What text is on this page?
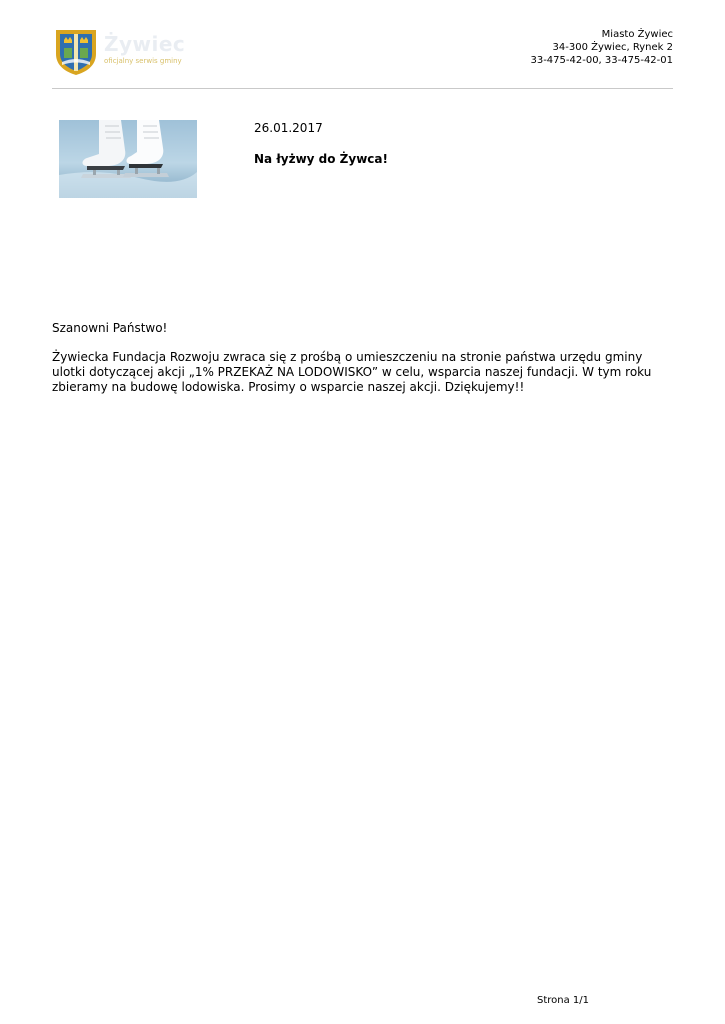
Żywiec
oficjalny serwis gminy
Miasto Żywiec
34-300 Żywiec, Rynek 2
33-475-42-00, 33-475-42-01
26.01.2017
Na łyżwy do Żywca!

Szanowni Państwo!

Żywiecka Fundacja Rozwoju zwraca się z prośbą o umieszczeniu na stronie państwa urzędu gminy ulotki dotyczącej akcji „1% PRZEKAŻ NA LODOWISKO” w celu, wsparcia naszej fundacji. W tym roku zbieramy na budowę lodowiska. Prosimy o wsparcie naszej akcji. Dziękujemy!!

Strona 1/1
